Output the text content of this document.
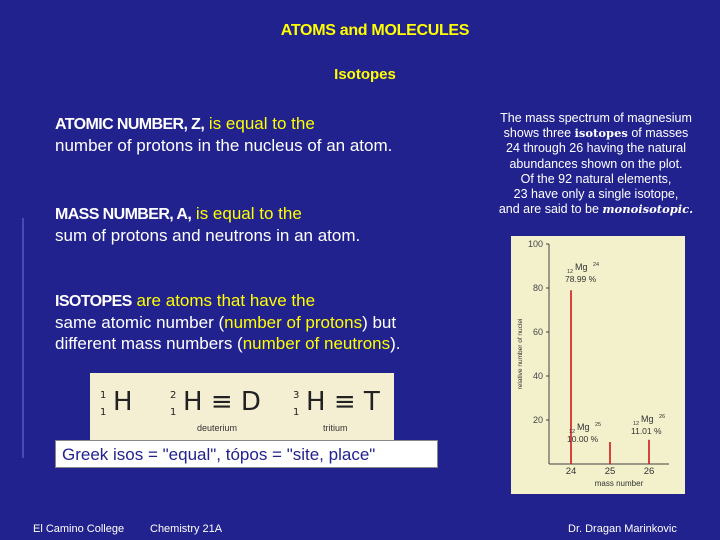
ATOMS and MOLECULES
Isotopes
ATOMIC NUMBER, Z, is equal to the
number of protons in the nucleus of an atom.
MASS NUMBER, A, is equal to the
sum of protons and neutrons in an atom.
ISOTOPES are atoms that have the
same atomic number (number of protons) but
different mass numbers (number of neutrons).
1
1 H	2
1 H ≡ D
deuterium
3
1 H ≡ T
tritium
Greek isos = "equal", tópos = "site, place"
The mass spectrum of magnesium
shows three isotopes of masses
24 through 26 having the natural
abundances shown on the plot.
Of the 92 natural elements,
23 have only a single isotope,
and are said to be monoisotopic.
20
40
60
80
100
relative number of nuclei
24	25	26
mass number
Mg
12
24
78.99 %
Mg
12
25
10.00 %
Mg
12
26
11.01 %
El Camino College Chemistry 21A	Dr. Dragan Marinkovic
